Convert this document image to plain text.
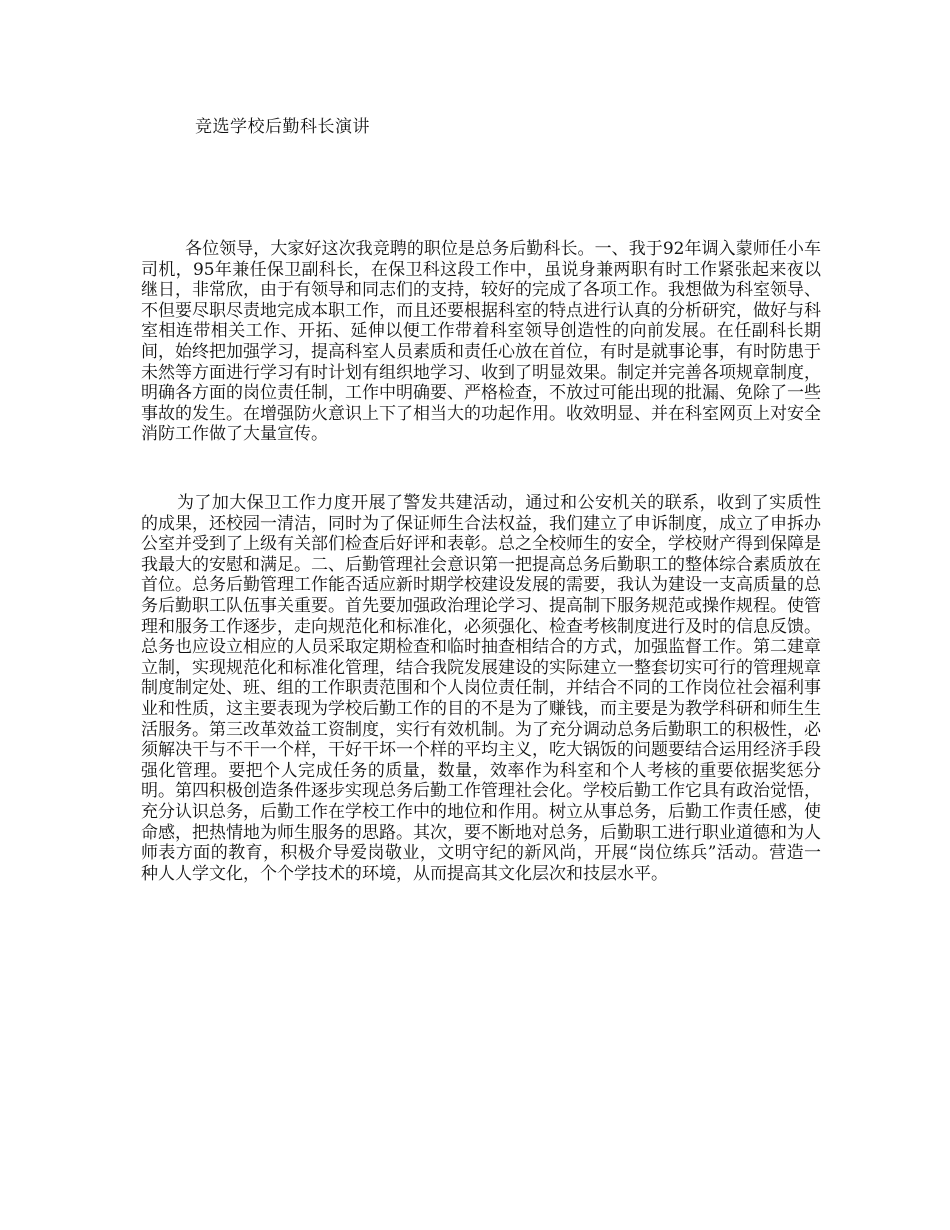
竞选学校后勤科长演讲

各位领导，大家好这次我竞聘的职位是总务后勤科长。一、我于92年调入蒙师任小车司机，95年兼任保卫副科长，在保卫科这段工作中，虽说身兼两职有时工作紧张起来夜以继日，非常欣，由于有领导和同志们的支持，较好的完成了各项工作。我想做为科室领导、不但要尽职尽责地完成本职工作，而且还要根据科室的特点进行认真的分析研究，做好与科室相连带相关工作、开拓、延伸以便工作带着科室领导创造性的向前发展。在任副科长期间，始终把加强学习，提高科室人员素质和责任心放在首位，有时是就事论事，有时防患于未然等方面进行学习有时计划有组织地学习、收到了明显效果。制定并完善各项规章制度，明确各方面的岗位责任制，工作中明确要、严格检查，不放过可能出现的批漏、免除了一些事故的发生。在增强防火意识上下了相当大的功起作用。收效明显、并在科室网页上对安全消防工作做了大量宣传。

为了加大保卫工作力度开展了警发共建活动，通过和公安机关的联系，收到了实质性的成果，还校园一清洁，同时为了保证师生合法权益，我们建立了申诉制度，成立了申拆办公室并受到了上级有关部们检查后好评和表彰。总之全校师生的安全，学校财产得到保障是我最大的安慰和满足。二、后勤管理社会意识第一把提高总务后勤职工的整体综合素质放在首位。总务后勤管理工作能否适应新时期学校建设发展的需要，我认为建设一支高质量的总务后勤职工队伍事关重要。首先要加强政治理论学习、提高制下服务规范或操作规程。使管理和服务工作逐步，走向规范化和标准化，必须强化、检查考核制度进行及时的信息反馈。总务也应设立相应的人员采取定期检查和临时抽查相结合的方式，加强监督工作。第二建章立制，实现规范化和标准化管理，结合我院发展建设的实际建立一整套切实可行的管理规章制度制定处、班、组的工作职责范围和个人岗位责任制，并结合不同的工作岗位社会福利事业和性质，这主要表现为学校后勤工作的目的不是为了赚钱，而主要是为教学科研和师生生活服务。第三改革效益工资制度，实行有效机制。为了充分调动总务后勤职工的积极性，必须解决干与不干一个样，干好干坏一个样的平均主义，吃大锅饭的问题要结合运用经济手段强化管理。要把个人完成任务的质量，数量，效率作为科室和个人考核的重要依据奖惩分明。第四积极创造条件逐步实现总务后勤工作管理社会化。学校后勤工作它具有政治觉悟，充分认识总务，后勤工作在学校工作中的地位和作用。树立从事总务，后勤工作责任感，使命感，把热情地为师生服务的思路。其次，要不断地对总务，后勤职工进行职业道德和为人师表方面的教育，积极介导爱岗敬业，文明守纪的新风尚，开展“岗位练兵”活动。营造一种人人学文化，个个学技术的环境，从而提高其文化层次和技层水平。
